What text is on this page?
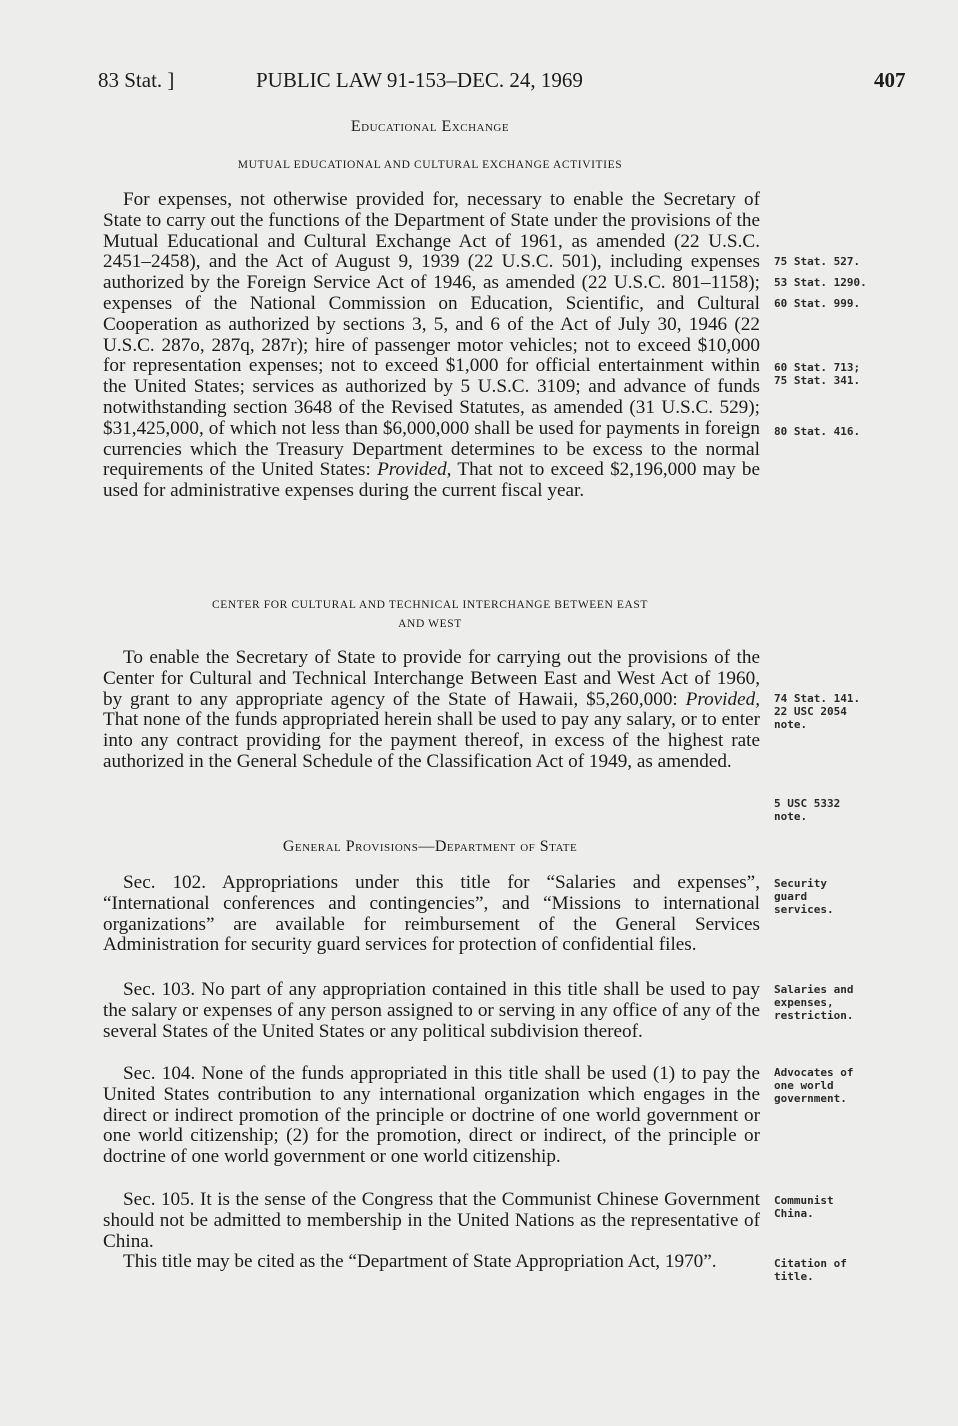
83 Stat. ]	PUBLIC LAW 91-153–DEC. 24, 1969	407
Educational Exchange
MUTUAL EDUCATIONAL AND CULTURAL EXCHANGE ACTIVITIES

For expenses, not otherwise provided for, necessary to enable the Secretary of State to carry out the functions of the Department of State under the provisions of the Mutual Educational and Cultural Exchange Act of 1961, as amended (22 U.S.C. 2451–2458), and the Act of August 9, 1939 (22 U.S.C. 501), including expenses authorized by the Foreign Service Act of 1946, as amended (22 U.S.C. 801–1158); expenses of the National Commission on Education, Scientific, and Cultural Cooperation as authorized by sections 3, 5, and 6 of the Act of July 30, 1946 (22 U.S.C. 287o, 287q, 287r); hire of passenger motor vehicles; not to exceed $10,000 for representation expenses; not to exceed $1,000 for official entertainment within the United States; services as authorized by 5 U.S.C. 3109; and advance of funds notwithstanding section 3648 of the Revised Statutes, as amended (31 U.S.C. 529); $31,425,000, of which not less than $6,000,000 shall be used for payments in foreign currencies which the Treasury Department determines to be excess to the normal requirements of the United States: Provided, That not to exceed $2,196,000 may be used for administrative expenses during the current fiscal year.

CENTER FOR CULTURAL AND TECHNICAL INTERCHANGE BETWEEN EAST
AND WEST

To enable the Secretary of State to provide for carrying out the provisions of the Center for Cultural and Technical Interchange Between East and West Act of 1960, by grant to any appropriate agency of the State of Hawaii, $5,260,000: Provided, That none of the funds appropriated herein shall be used to pay any salary, or to enter into any contract providing for the payment thereof, in excess of the highest rate authorized in the General Schedule of the Classification Act of 1949, as amended.

General Provisions—Department of State

Sec. 102. Appropriations under this title for “Salaries and expenses”, “International conferences and contingencies”, and “Missions to international organizations” are available for reimbursement of the General Services Administration for security guard services for protection of confidential files.

Sec. 103. No part of any appropriation contained in this title shall be used to pay the salary or expenses of any person assigned to or serving in any office of any of the several States of the United States or any political subdivision thereof.

Sec. 104. None of the funds appropriated in this title shall be used (1) to pay the United States contribution to any international organization which engages in the direct or indirect promotion of the principle or doctrine of one world government or one world citizenship; (2) for the promotion, direct or indirect, of the principle or doctrine of one world government or one world citizenship.

Sec. 105. It is the sense of the Congress that the Communist Chinese Government should not be admitted to membership in the United Nations as the representative of China.

This title may be cited as the “Department of State Appropriation Act, 1970”.

75 Stat. 527.
53 Stat. 1290.
60 Stat. 999.
60 Stat. 713;
75 Stat. 341.
80 Stat. 416.
74 Stat. 141.
22 USC 2054
note.
5 USC 5332
note.
Security
guard
services.
Salaries and
expenses,
restriction.
Advocates of
one world
government.
Communist
China.
Citation of
title.
